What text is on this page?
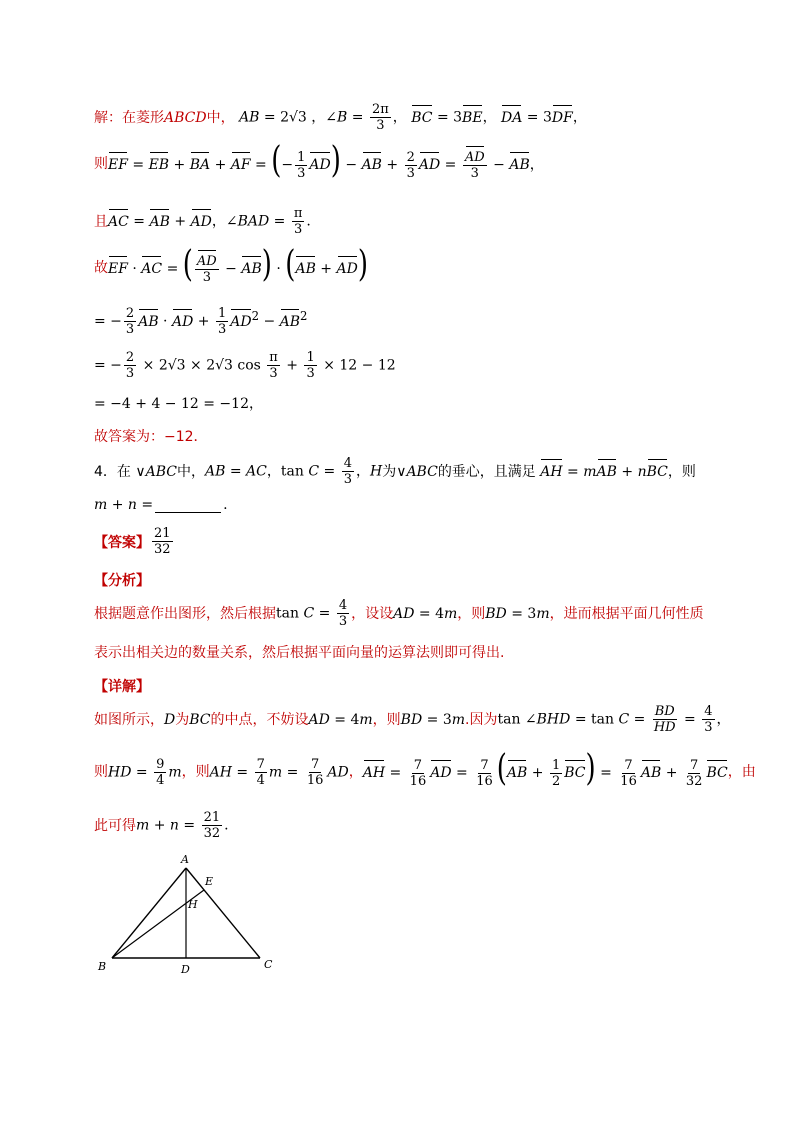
解：在菱形 ABCD 中， AB = 2√3 ，∠B = $\frac{2\pi}{3}$ ， BC = 3BE， DA = 3DF，
则 EF = EB + BA + AF = (− $\frac{1}{3} AD$) − AB + $\frac{2}{3}$ AD = $\frac{AD}{3}$ − AB，
且 AC = AB + AD，∠BAD = $\frac{\pi}{3}$ .
故 EF · AC = ( $\frac{AD}{3} - AB) \cdot (AB + AD)$
= − $\frac{2}{3}$ AB · AD + $\frac{1}{3} AD^2 - AB^2$
= − $\frac{2}{3} \times 2√3 \times 2√3$ $\cos \frac{\pi}{3} + \frac{1}{3} \times 12 - 12$
= −4 + 4 − 12 = −12，
故答案为：−12．
4． 在 ∨ABC 中， AB = AC，$\tan C = \frac{4}{3}$ ，H 为 ∨ABC 的垂心，且满足 AH = mAB + nBC ，则
m + n =	.
【答案】 $\frac{21}{32}$
【分析】
根据题意作出图形，然后根据 $\tan C = \frac{4}{3}$ ，设设 AD = 4m ，则 BD = 3m ，进而根据平面几何性质
表示出相关边的数量关系，然后根据平面向量的运算法则即可得出.
【详解】
如图所示， D 为 BC 的中点，不妨设 AD = 4m ，则 BD = 3m .因为 tan ∠BHD = $\tan C = \frac{BD}{HD} = \frac{4}{3}$ ，
则 HD = $\frac{9}{4}$ m ，则 AH = $\frac{7}{4}$ $m = \frac{7}{16}$ AD ， AH = $\frac{7}{16}$ AD = $\frac{7}{16} (AB + \frac{1}{2} BC) = \frac{7}{16}$ AB + $\frac{7}{32}$ BC ，由
此可得 $m + n = \frac{21}{32}$ .
A
E
H
B	D	C
